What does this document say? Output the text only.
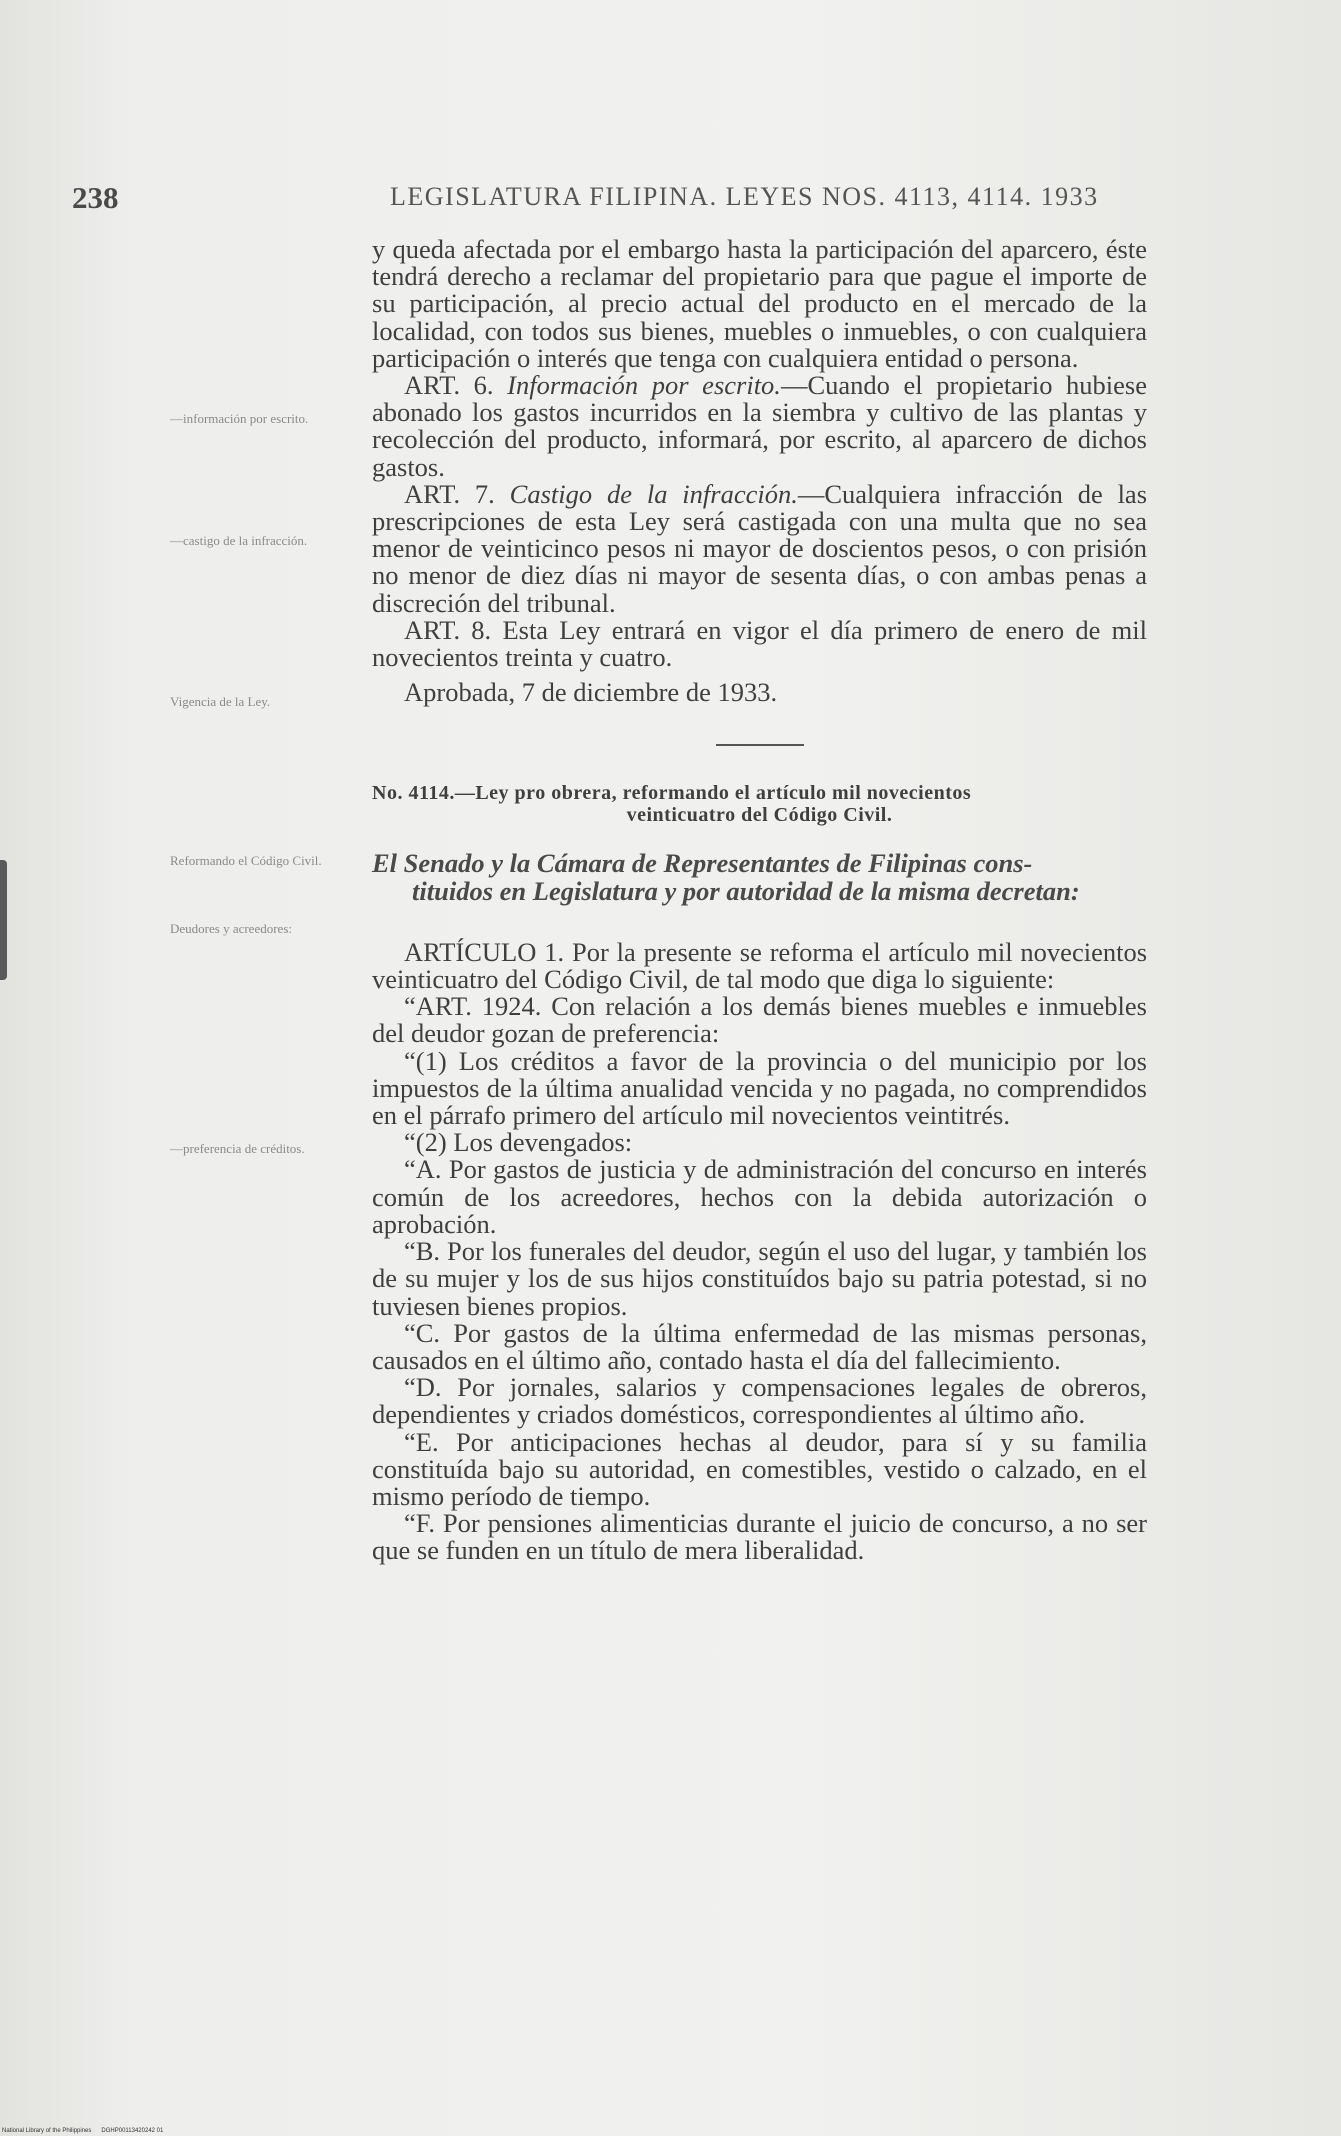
238	LEGISLATURA FILIPINA. LEYES NOS. 4113, 4114. 1933
—información por escrito.
—castigo de la infracción.
Vigencia de la Ley.
Reformando el Código Civil.
Deudores y acreedores:
—preferencia de créditos.

y queda afectada por el embargo hasta la participación del aparcero, éste tendrá derecho a reclamar del propietario para que pague el importe de su participación, al precio actual del producto en el mercado de la localidad, con todos sus bienes, muebles o inmuebles, o con cualquiera participación o interés que tenga con cualquiera entidad o persona.

ART. 6. Información por escrito.—Cuando el propietario hubiese abonado los gastos incurridos en la siembra y cultivo de las plantas y recolección del producto, informará, por escrito, al aparcero de dichos gastos.

ART. 7. Castigo de la infracción.—Cualquiera infracción de las prescripciones de esta Ley será castigada con una multa que no sea menor de veinticinco pesos ni mayor de doscientos pesos, o con prisión no menor de diez días ni mayor de sesenta días, o con ambas penas a discreción del tribunal.

ART. 8. Esta Ley entrará en vigor el día primero de enero de mil novecientos treinta y cuatro.

Aprobada, 7 de diciembre de 1933.

No. 4114.—Ley pro obrera, reformando el artículo mil novecientos
veinticuatro del Código Civil.

El Senado y la Cámara de Representantes de Filipinas cons-
tituidos en Legislatura y por autoridad de la misma decretan:

ARTÍCULO 1. Por la presente se reforma el artículo mil novecientos veinticuatro del Código Civil, de tal modo que diga lo siguiente:

“ART. 1924. Con relación a los demás bienes muebles e inmuebles del deudor gozan de preferencia:

“(1) Los créditos a favor de la provincia o del municipio por los impuestos de la última anualidad vencida y no pagada, no comprendidos en el párrafo primero del artículo mil novecientos veintitrés.

“(2) Los devengados:

“A. Por gastos de justicia y de administración del concurso en interés común de los acreedores, hechos con la debida autorización o aprobación.

“B. Por los funerales del deudor, según el uso del lugar, y también los de su mujer y los de sus hijos constituídos bajo su patria potestad, si no tuviesen bienes propios.

“C. Por gastos de la última enfermedad de las mismas personas, causados en el último año, contado hasta el día del fallecimiento.

“D. Por jornales, salarios y compensaciones legales de obreros, dependientes y criados domésticos, correspondientes al último año.

“E. Por anticipaciones hechas al deudor, para sí y su familia constituída bajo su autoridad, en comestibles, vestido o calzado, en el mismo período de tiempo.

“F. Por pensiones alimenticias durante el juicio de concurso, a no ser que se funden en un título de mera liberalidad.

National Library of the Philippines DGHP00113420242 01
